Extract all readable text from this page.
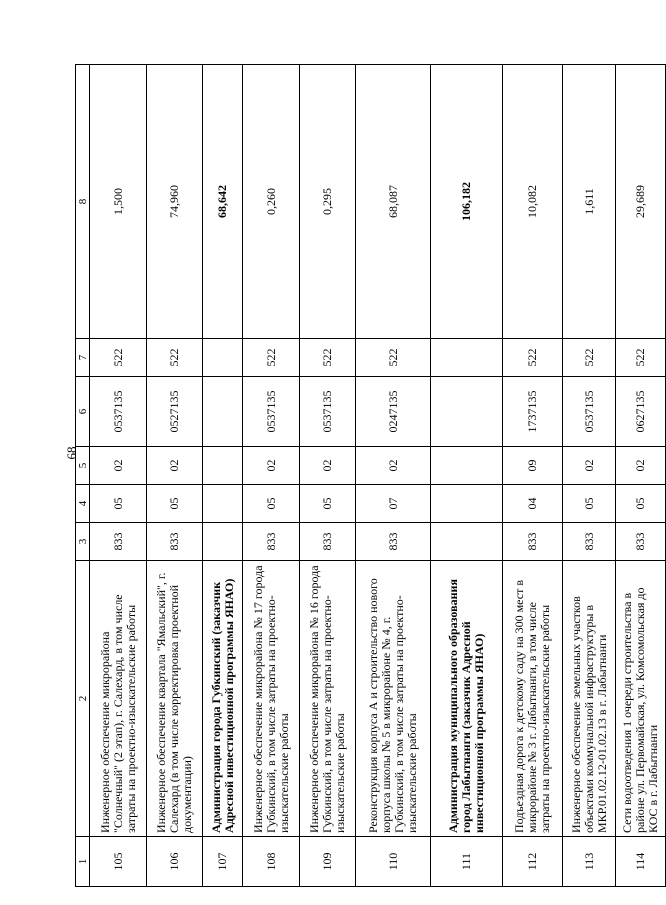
68
1	2	3	4	5	6	7	8
105	Инженерное обеспечение микрорайона "Солнечный" (2 этап), г. Салехард, в том числе затраты на проектно-изыскательские работы	833	05	02	0537135	522	1,500
106	Инженерное обеспечение квартала "Ямальский", г. Салехард (в том числе корректировка проектной документации)	833	05	02	0527135	522	74,960
107	Администрация города Губкинский (заказчик Адресной инвестиционной программы ЯНАО)						68,642
108	Инженерное обеспечение микрорайона № 17 города Губкинский, в том числе затраты на проектно-изыскательские работы	833	05	02	0537135	522	0,260
109	Инженерное обеспечение микрорайона № 16 города Губкинский, в том числе затраты на проектно-изыскательские работы	833	05	02	0537135	522	0,295
110	Реконструкция корпуса А и строительство нового корпуса школы № 5 в микрорайоне № 4, г. Губкинский, в том числе затраты на проектно-изыскательские работы	833	07	02	0247135	522	68,087
111	Администрация муниципального образования город Лабытнанги (заказчик Адресной инвестиционной программы ЯНАО)						106,182
112	Подъездная дорога к детскому саду на 300 мест в микрорайоне № 3 г. Лабытнанги, в том числе затраты на проектно-изыскательские работы	833	04	09	1737135	522	10,082
113	Инженерное обеспечение земельных участков объектами коммунальной инфраструктуры в МКР.01.02.12-01.02.13 в г. Лабытнанги	833	05	02	0537135	522	1,611
114	Сети водоотведения 1 очереди строительства в районе ул. Первомайская, ул. Комсомольская до КОС в г. Лабытнанги	833	05	02	0627135	522	29,689
